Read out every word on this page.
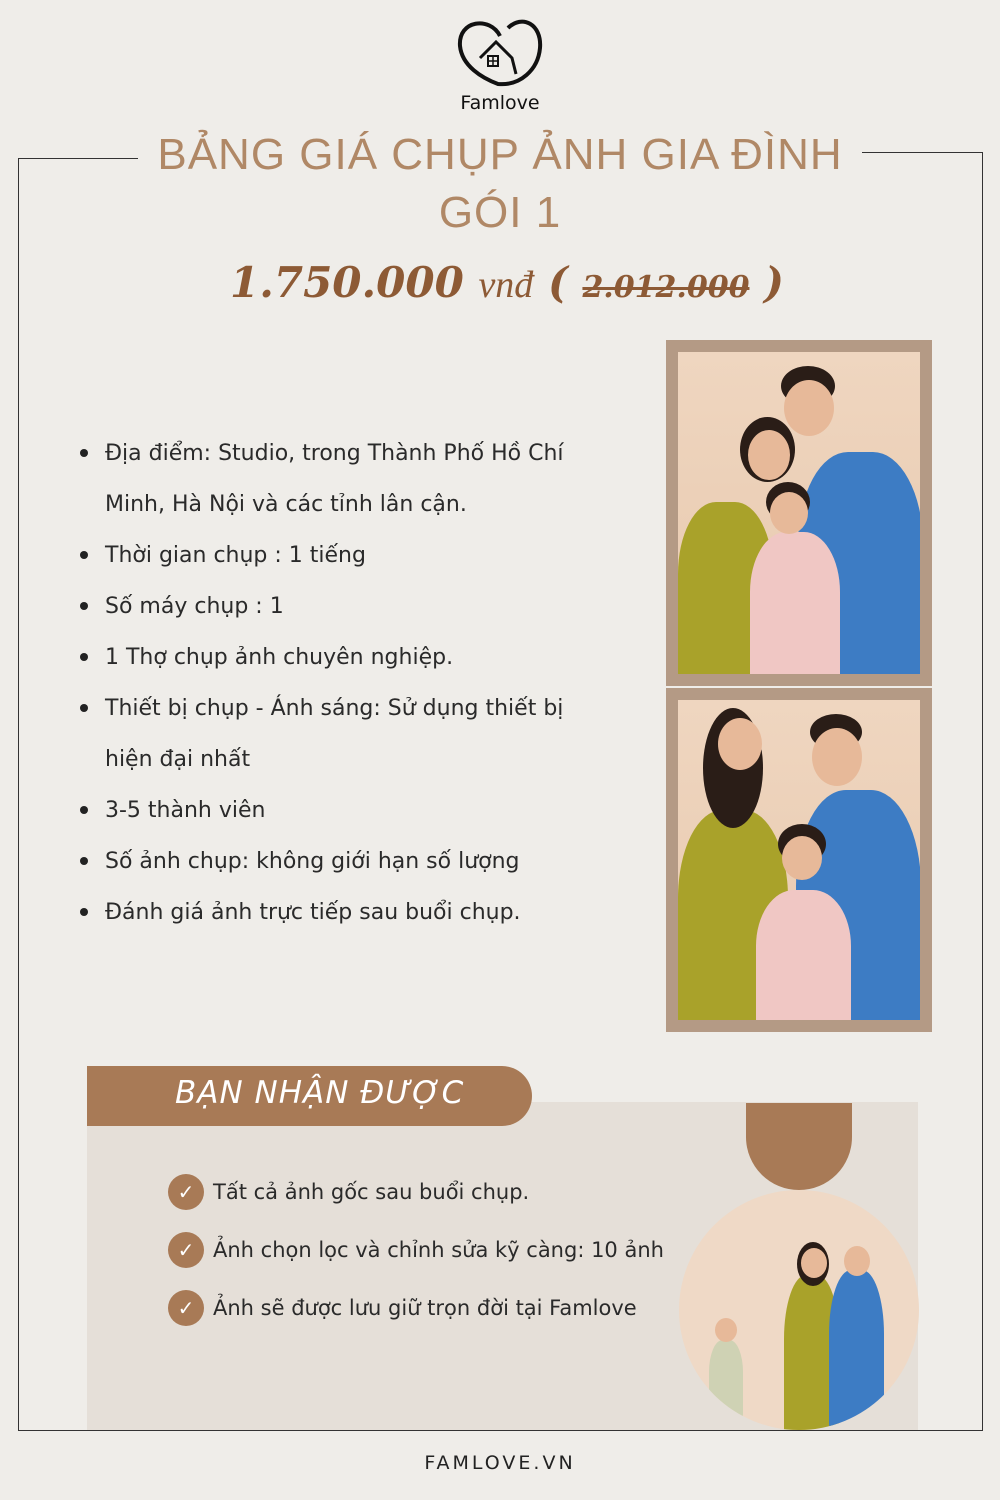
Famlove
BẢNG GIÁ CHỤP ẢNH GIA ĐÌNH
GÓI 1
1.750.000 vnđ ( 2.012.000 )
Địa điểm: Studio, trong Thành Phố Hồ Chí Minh, Hà Nội và các tỉnh lân cận.
Thời gian chụp : 1 tiếng
Số máy chụp : 1
1 Thợ chụp ảnh chuyên nghiệp.
Thiết bị chụp - Ánh sáng: Sử dụng thiết bị hiện đại nhất
3-5 thành viên
Số ảnh chụp: không giới hạn số lượng
Đánh giá ảnh trực tiếp sau buổi chụp.
BẠN NHẬN ĐƯỢC
✓ Tất cả ảnh gốc sau buổi chụp.
✓ Ảnh chọn lọc và chỉnh sửa kỹ càng: 10 ảnh
✓ Ảnh sẽ được lưu giữ trọn đời tại Famlove
FAMLOVE.VN
